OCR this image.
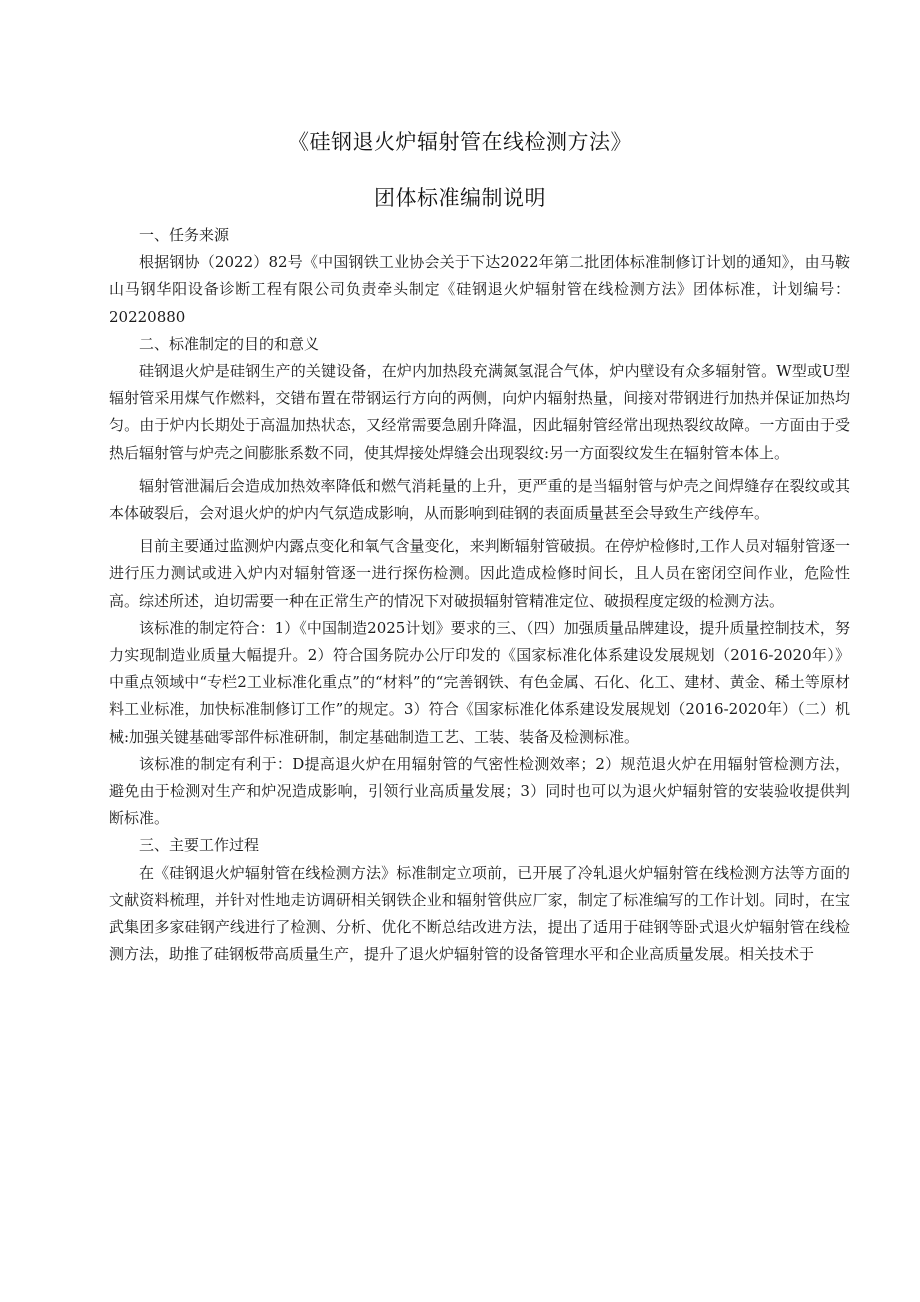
《硅钢退火炉辐射管在线检测方法》
团体标准编制说明
一、任务来源

根据钢协（2022）82号《中国钢铁工业协会关于下达2022年第二批团体标准制修订计划的通知》，由马鞍山马钢华阳设备诊断工程有限公司负责牵头制定《硅钢退火炉辐射管在线检测方法》团体标准，计划编号：20220880

二、标准制定的目的和意义

硅钢退火炉是硅钢生产的关键设备，在炉内加热段充满氮氢混合气体，炉内壁设有众多辐射管。W型或U型辐射管采用煤气作燃料，交错布置在带钢运行方向的两侧，向炉内辐射热量，间接对带钢进行加热并保证加热均匀。由于炉内长期处于高温加热状态，又经常需要急剧升降温，因此辐射管经常出现热裂纹故障。一方面由于受热后辐射管与炉壳之间膨胀系数不同，使其焊接处焊缝会出现裂纹:另一方面裂纹发生在辐射管本体上。

辐射管泄漏后会造成加热效率降低和燃气消耗量的上升，更严重的是当辐射管与炉壳之间焊缝存在裂纹或其本体破裂后，会对退火炉的炉内气氛造成影响，从而影响到硅钢的表面质量甚至会导致生产线停车。

目前主要通过监测炉内露点变化和氧气含量变化，来判断辐射管破损。在停炉检修时,工作人员对辐射管逐一进行压力测试或进入炉内对辐射管逐一进行探伤检测。因此造成检修时间长，且人员在密闭空间作业，危险性高。综述所述，迫切需要一种在正常生产的情况下对破损辐射管精准定位、破损程度定级的检测方法。

该标准的制定符合：1）《中国制造2025计划》要求的三、（四）加强质量品牌建设，提升质量控制技术，努力实现制造业质量大幅提升。2）符合国务院办公厅印发的《国家标准化体系建设发展规划（2016-2020年）》中重点领域中“专栏2工业标准化重点”的“材料”的“完善钢铁、有色金属、石化、化工、建材、黄金、稀土等原材料工业标准，加快标准制修订工作”的规定。3）符合《国家标准化体系建设发展规划（2016-2020年）（二）机械:加强关键基础零部件标准研制，制定基础制造工艺、工装、装备及检测标准。

该标准的制定有利于：D提高退火炉在用辐射管的气密性检测效率；2）规范退火炉在用辐射管检测方法，避免由于检测对生产和炉况造成影响，引领行业高质量发展；3）同时也可以为退火炉辐射管的安装验收提供判断标准。

三、主要工作过程

在《硅钢退火炉辐射管在线检测方法》标准制定立项前，已开展了冷轧退火炉辐射管在线检测方法等方面的文献资料梳理，并针对性地走访调研相关钢铁企业和辐射管供应厂家，制定了标准编写的工作计划。同时，在宝武集团多家硅钢产线进行了检测、分析、优化不断总结改进方法，提出了适用于硅钢等卧式退火炉辐射管在线检测方法，助推了硅钢板带高质量生产，提升了退火炉辐射管的设备管理水平和企业高质量发展。相关技术于
